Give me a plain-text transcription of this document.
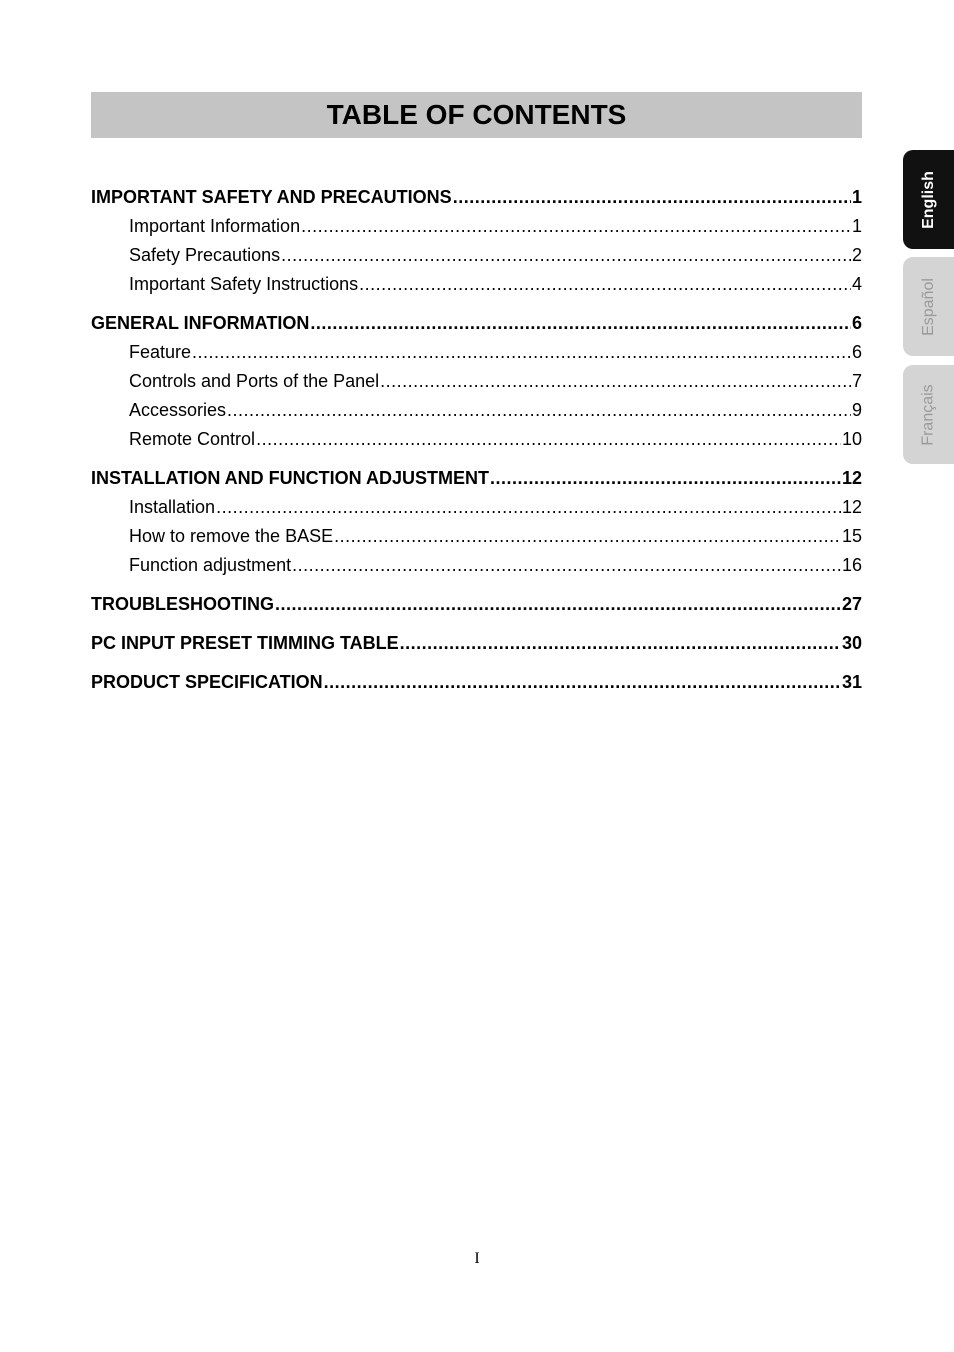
TABLE OF CONTENTS
IMPORTANT SAFETY AND PRECAUTIONS .....	1
Important Information .....	1
Safety Precautions .....	2
Important Safety Instructions .....	4
GENERAL INFORMATION .....	6
Feature .....	6
Controls and Ports of the Panel .....	7
Accessories .....	9
Remote Control .....	10
INSTALLATION AND FUNCTION ADJUSTMENT .....	12
Installation .....	12
How to remove the BASE .....	15
Function adjustment .....	16
TROUBLESHOOTING .....	27
PC INPUT PRESET TIMMING TABLE .....	30
PRODUCT SPECIFICATION .....	31
English
Español
Français
I
